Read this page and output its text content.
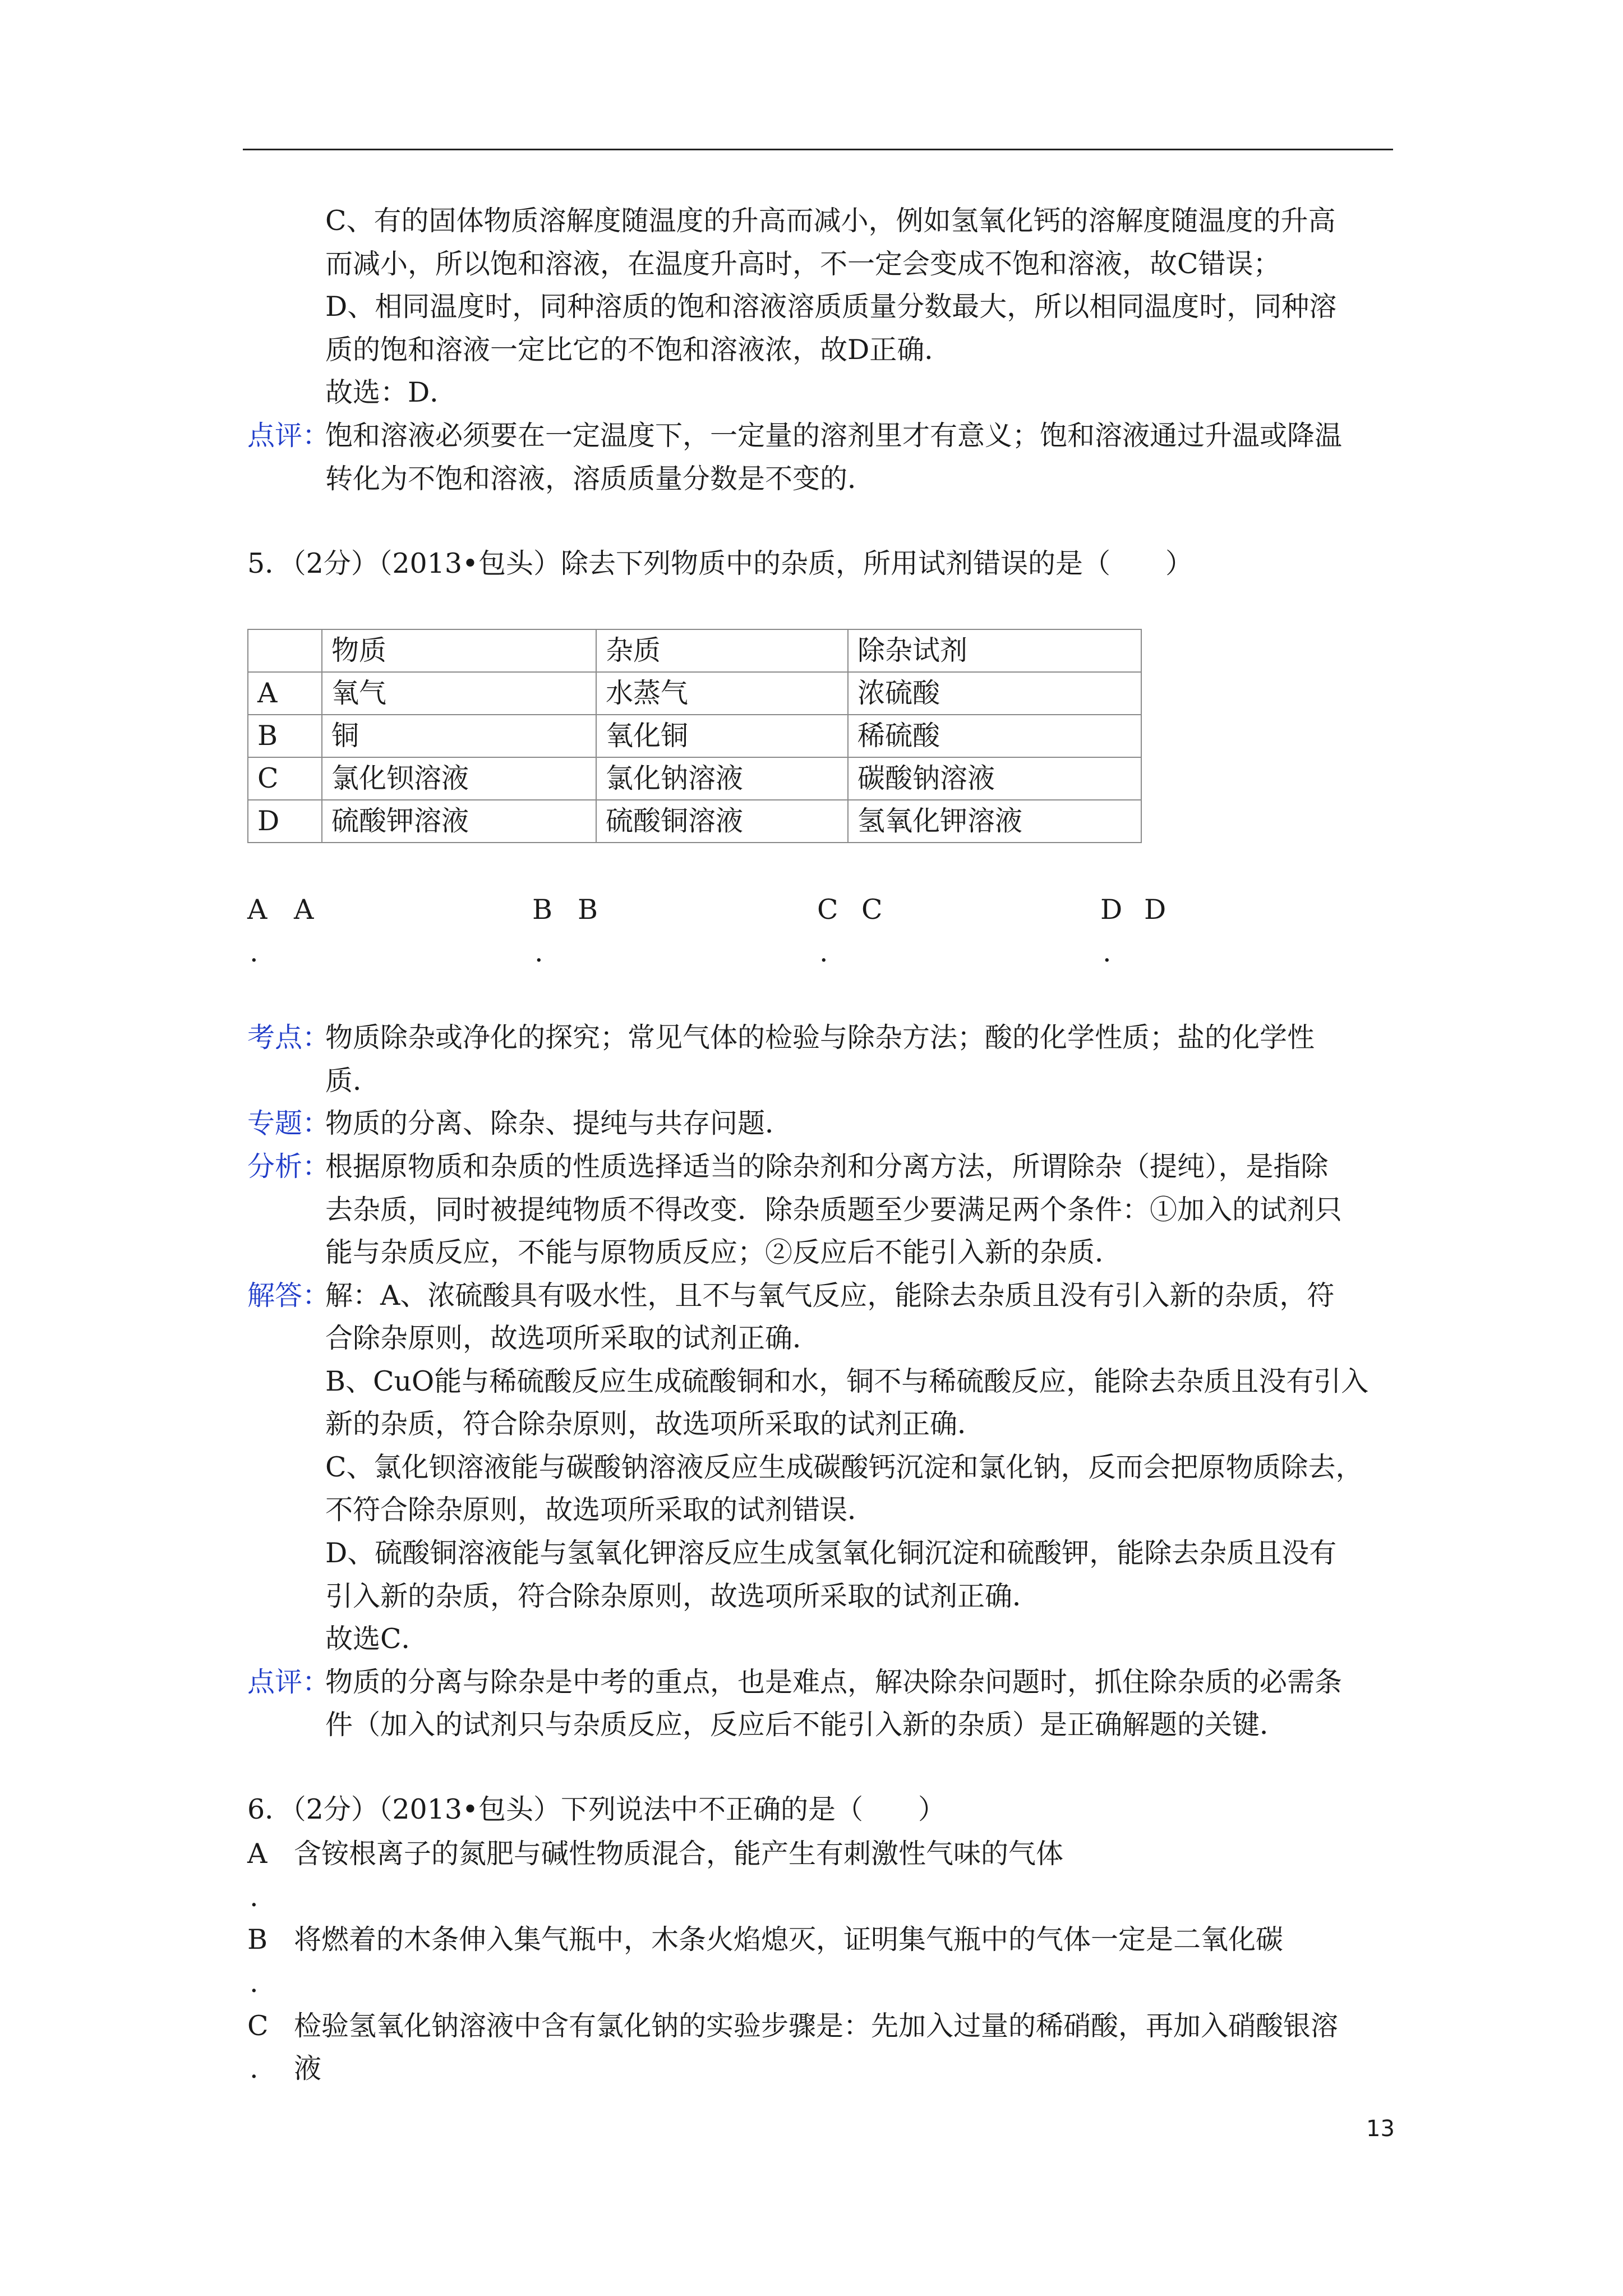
C、有的固体物质溶解度随温度的升高而减小，例如氢氧化钙的溶解度随温度的升高
而减小，所以饱和溶液，在温度升高时，不一定会变成不饱和溶液，故C错误；
D、相同温度时，同种溶质的饱和溶液溶质质量分数最大，所以相同温度时，同种溶
质的饱和溶液一定比它的不饱和溶液浓，故D正确．
故选：D．
点评：
饱和溶液必须要在一定温度下，一定量的溶剂里才有意义；饱和溶液通过升温或降温
转化为不饱和溶液，溶质质量分数是不变的．
5．（2分）（2013•包头）除去下列物质中的杂质，所用试剂错误的是（　　）
	物质	杂质	除杂试剂
A	氧气	水蒸气	浓硫酸
B	铜	氧化铜	稀硫酸
C	氯化钡溶液	氯化钠溶液	碳酸钠溶液
D	硫酸钾溶液	硫酸铜溶液	氢氧化钾溶液
A A
.
B B
.
C C
.
D D
.
考点：
物质除杂或净化的探究；常见气体的检验与除杂方法；酸的化学性质；盐的化学性
质．
专题：
物质的分离、除杂、提纯与共存问题．
分析：
根据原物质和杂质的性质选择适当的除杂剂和分离方法，所谓除杂（提纯），是指除
去杂质，同时被提纯物质不得改变．除杂质题至少要满足两个条件：①加入的试剂只
能与杂质反应，不能与原物质反应；②反应后不能引入新的杂质．
解答：
解：A、浓硫酸具有吸水性，且不与氧气反应，能除去杂质且没有引入新的杂质，符
合除杂原则，故选项所采取的试剂正确．
B、CuO能与稀硫酸反应生成硫酸铜和水，铜不与稀硫酸反应，能除去杂质且没有引入
新的杂质，符合除杂原则，故选项所采取的试剂正确．
C、氯化钡溶液能与碳酸钠溶液反应生成碳酸钙沉淀和氯化钠，反而会把原物质除去，
不符合除杂原则，故选项所采取的试剂错误．
D、硫酸铜溶液能与氢氧化钾溶反应生成氢氧化铜沉淀和硫酸钾，能除去杂质且没有
引入新的杂质，符合除杂原则，故选项所采取的试剂正确．
故选C．
点评：
物质的分离与除杂是中考的重点，也是难点，解决除杂问题时，抓住除杂质的必需条
件（加入的试剂只与杂质反应，反应后不能引入新的杂质）是正确解题的关键．
6．（2分）（2013•包头）下列说法中不正确的是（　　）
A 含铵根离子的氮肥与碱性物质混合，能产生有刺激性气味的气体
.
B 将燃着的木条伸入集气瓶中，木条火焰熄灭，证明集气瓶中的气体一定是二氧化碳
.
C 检验氢氧化钠溶液中含有氯化钠的实验步骤是：先加入过量的稀硝酸，再加入硝酸银溶
. 液
13
